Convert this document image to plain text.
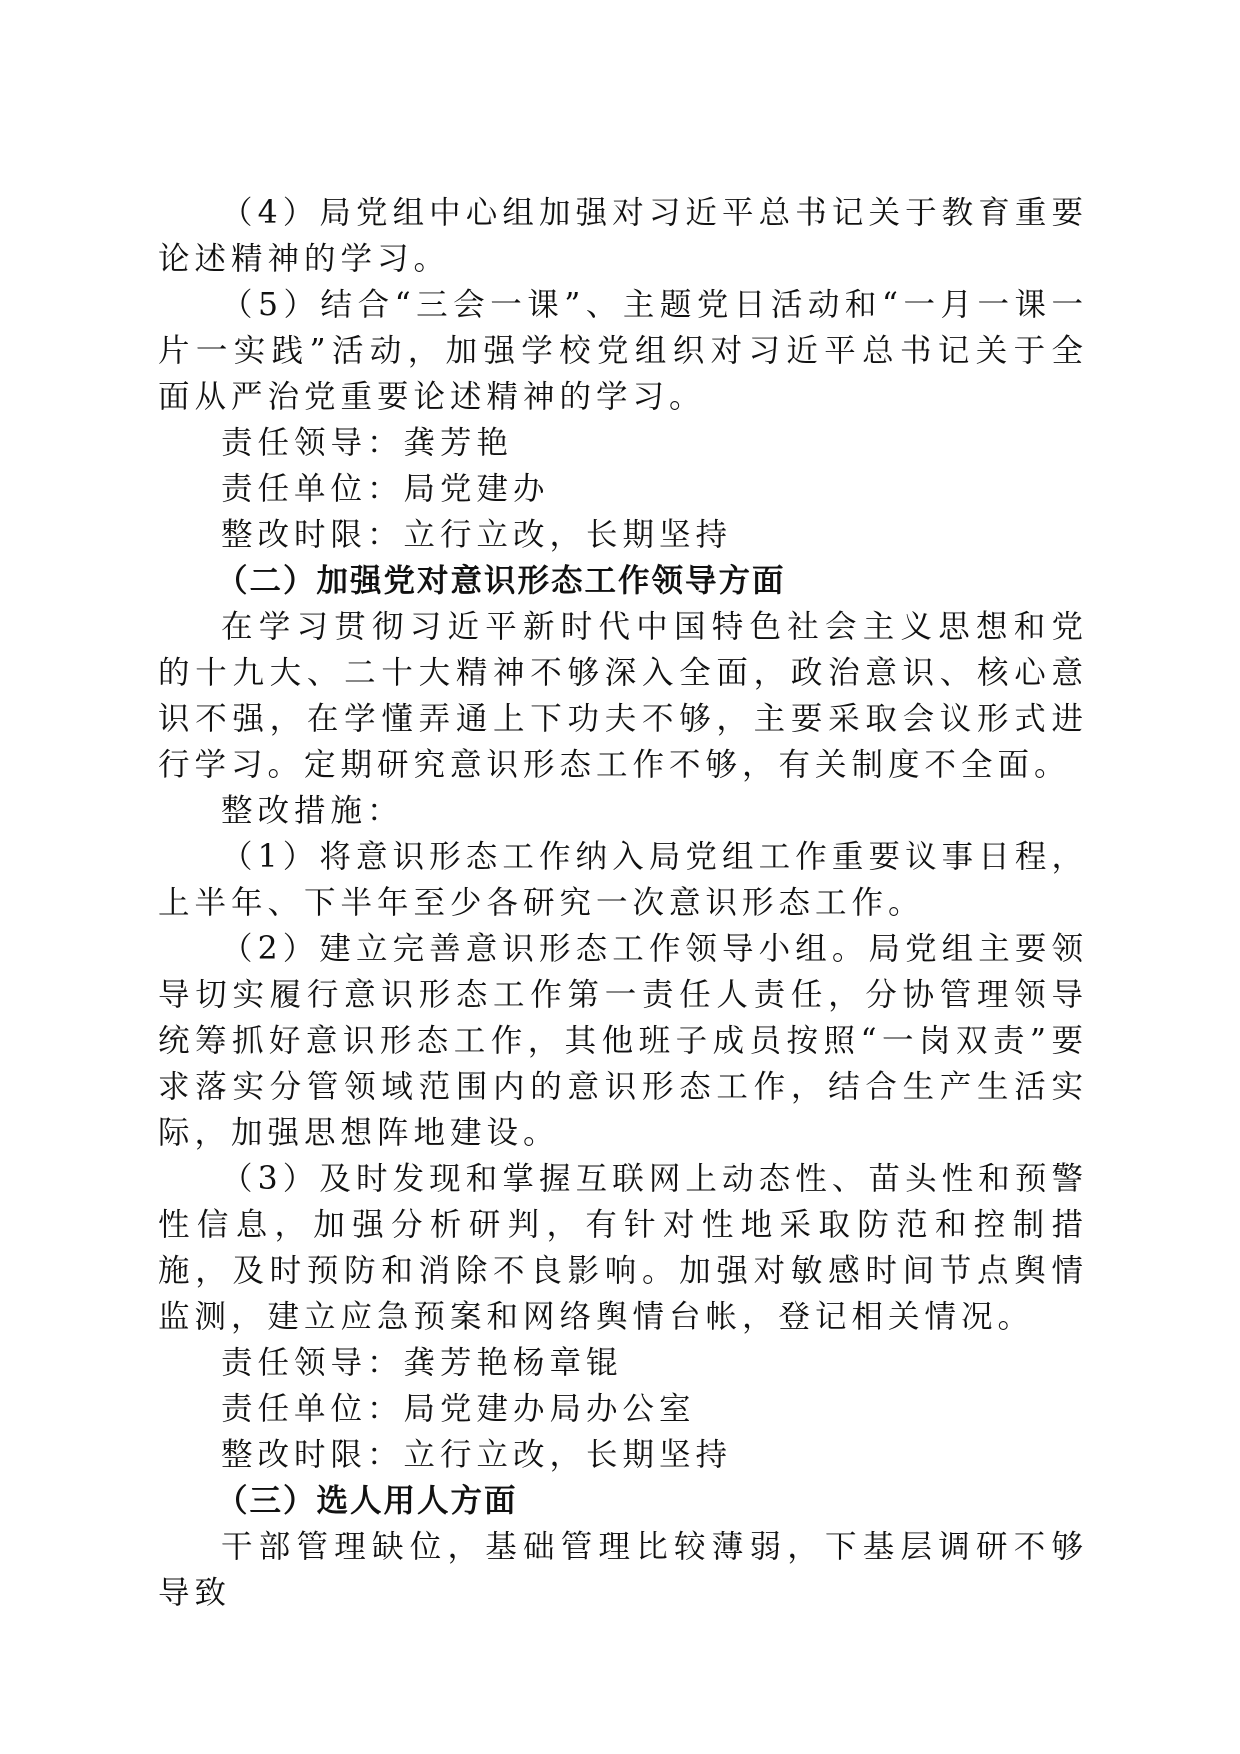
（4）局党组中心组加强对习近平总书记关于教育重要论述精神的学习。

（5）结合“三会一课”、主题党日活动和“一月一课一片一实践”活动，加强学校党组织对习近平总书记关于全面从严治党重要论述精神的学习。

责任领导：龚芳艳

责任单位：局党建办

整改时限：立行立改，长期坚持

（二）加强党对意识形态工作领导方面

在学习贯彻习近平新时代中国特色社会主义思想和党的十九大、二十大精神不够深入全面，政治意识、核心意识不强，在学懂弄通上下功夫不够，主要采取会议形式进行学习。定期研究意识形态工作不够，有关制度不全面。

整改措施：

（1）将意识形态工作纳入局党组工作重要议事日程，上半年、下半年至少各研究一次意识形态工作。

（2）建立完善意识形态工作领导小组。局党组主要领导切实履行意识形态工作第一责任人责任，分协管理领导统筹抓好意识形态工作，其他班子成员按照“一岗双责”要求落实分管领域范围内的意识形态工作，结合生产生活实际，加强思想阵地建设。

（3）及时发现和掌握互联网上动态性、苗头性和预警性信息，加强分析研判，有针对性地采取防范和控制措施，及时预防和消除不良影响。加强对敏感时间节点舆情监测，建立应急预案和网络舆情台帐，登记相关情况。

责任领导：龚芳艳杨章锟

责任单位：局党建办局办公室

整改时限：立行立改，长期坚持

（三）选人用人方面

干部管理缺位，基础管理比较薄弱，下基层调研不够导致
